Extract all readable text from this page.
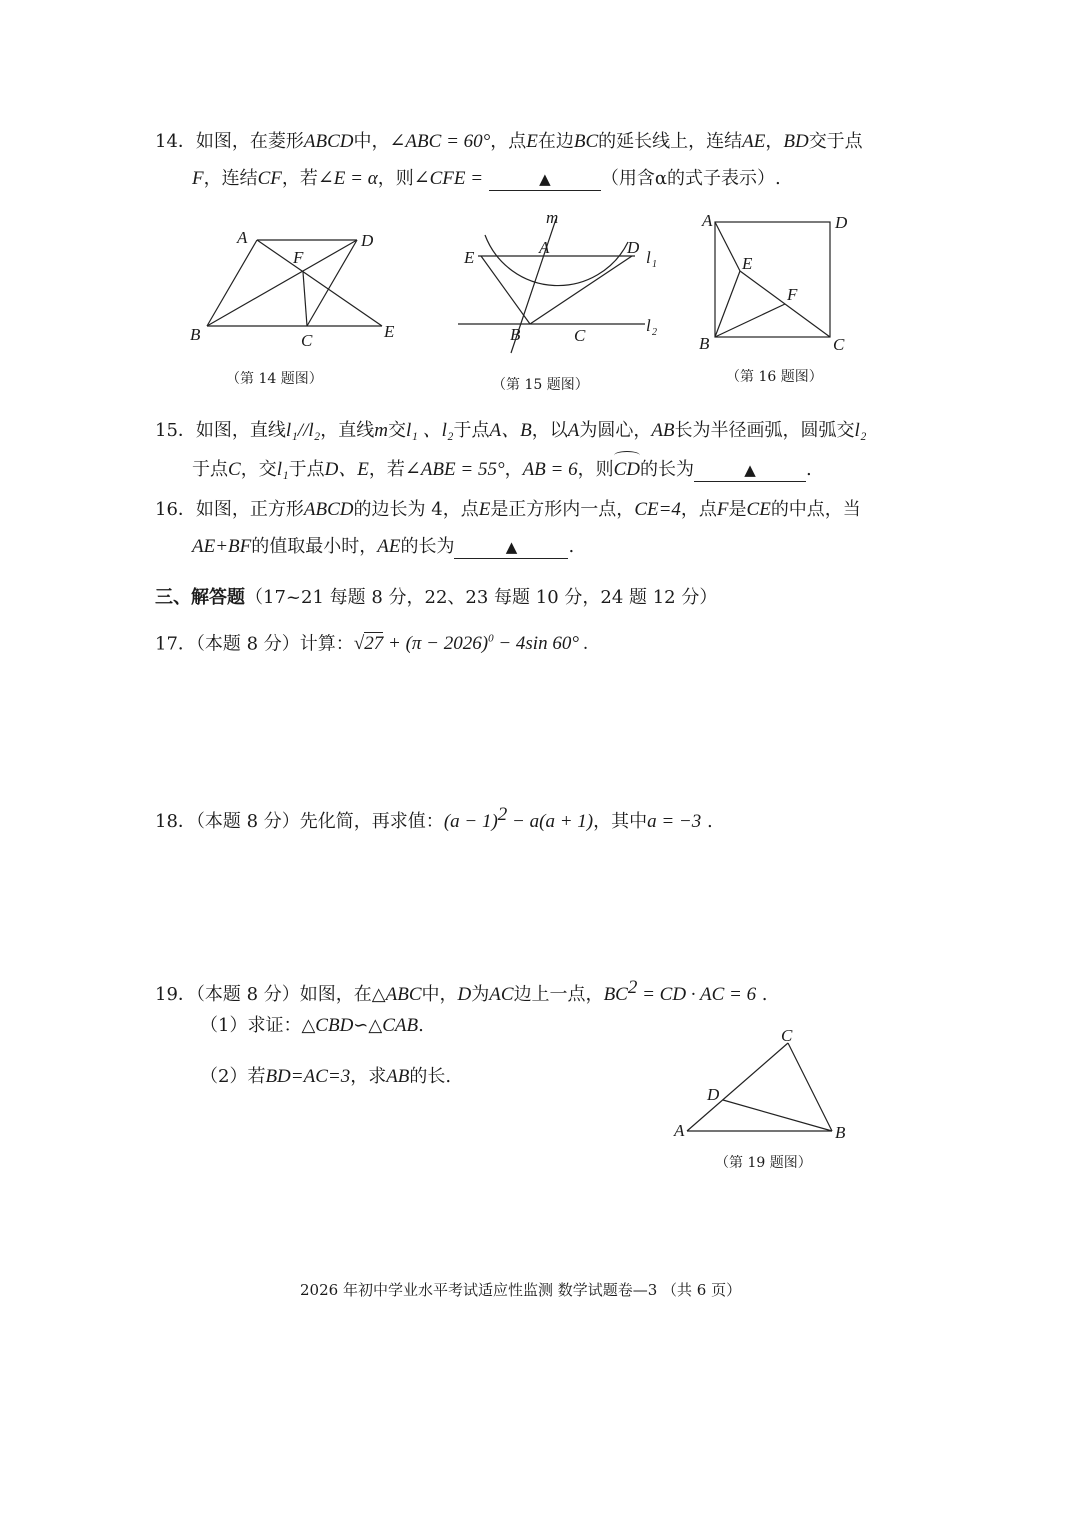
14．如图，在菱形ABCD中，∠ABC = 60°，点E在边BC的延长线上，连结AE，BD交于点
F，连结CF，若∠E = α，则∠CFE =	▲	（用含α的式子表示）.
A	D
F
B	C	E
（第 14 题图）
m
A	D
E	l 1
B	C
l 2
（第 15 题图）
A	D
E
F
B	C
（第 16 题图）
15．如图，直线l₁//l₂，直线m交l₁ 、l₂于点A、B，以A为圆心，AB长为半径画弧，圆弧交l₂
于点C，交l₁于点D、E，若∠ABE = 55°，AB = 6，则
CD的长为	▲	.
16．如图，正方形ABCD的边长为 4，点E是正方形内一点，CE=4，点F是CE的中点，当
AE+BF的值取最小时，AE的长为	▲	.
三、解答题（17~21 每题 8 分，22、23 每题 10 分，24 题 12 分）
17．（本题 8 分）计算：$√27 + (\pi - 2026)^0 - 4\sin$ 60° .
18．（本题 8 分）先化简，再求值：$(a - 1)^2 - a(a + 1)$，其中a = −3 .
19．（本题 8 分）如图，在△ABC中，D为AC边上一点，$BC^2$ = CD · AC = 6 .
（1）求证：△CBD∽△CAB.
（2）若BD=AC=3，求AB的长.
C
D
A	B
（第 19 题图）
2026 年初中学业水平考试适应性监测 数学试题卷—3 （共 6 页）
